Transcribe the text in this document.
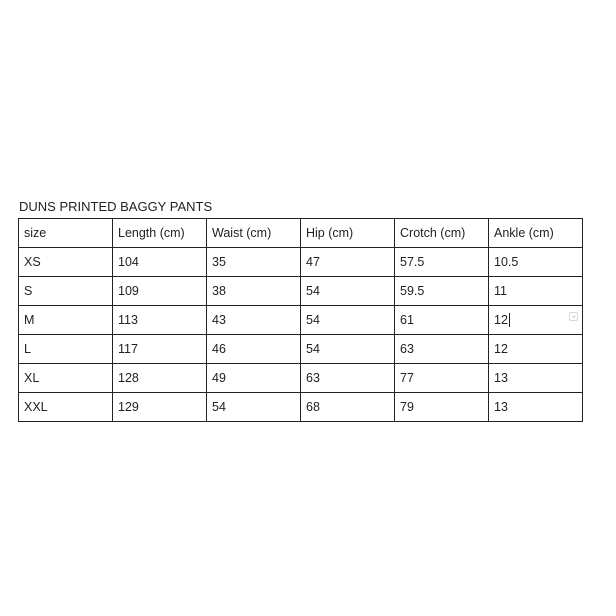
DUNS PRINTED BAGGY PANTS
size	Length (cm)	Waist (cm)	Hip (cm)	Crotch (cm)	Ankle (cm)
XS	104	35	47	57.5	10.5
S	109	38	54	59.5	11
M	113	43	54	61	12

L	117	46	54	63	12
XL	128	49	63	77	13
XXL	129	54	68	79	13
